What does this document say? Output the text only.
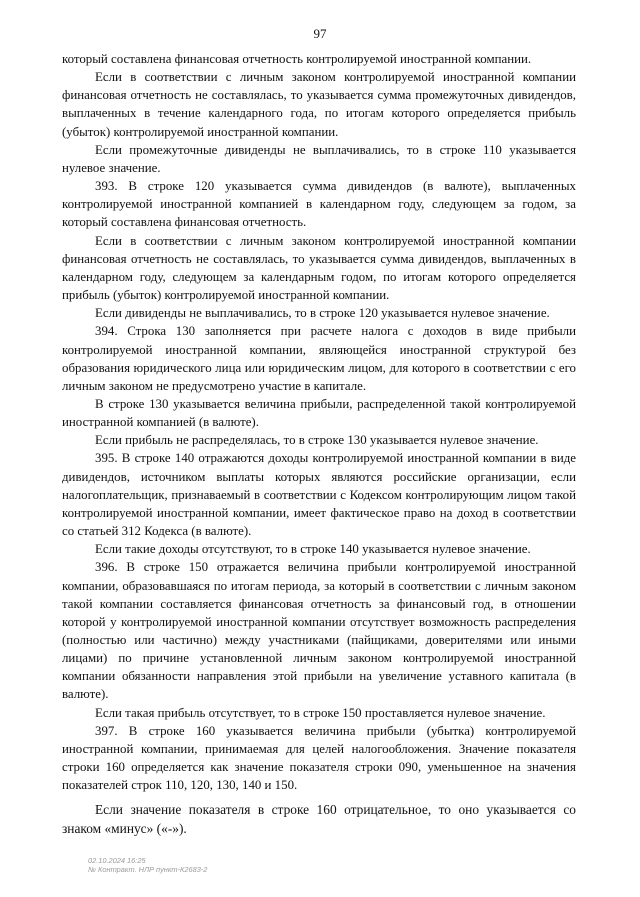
97

который составлена финансовая отчетность контролируемой иностранной компании.

Если в соответствии с личным законом контролируемой иностранной компании финансовая отчетность не составлялась, то указывается сумма промежуточных дивидендов, выплаченных в течение календарного года, по итогам которого определяется прибыль (убыток) контролируемой иностранной компании.

Если промежуточные дивиденды не выплачивались, то в строке 110 указывается нулевое значение.

393. В строке 120 указывается сумма дивидендов (в валюте), выплаченных контролируемой иностранной компанией в календарном году, следующем за годом, за который составлена финансовая отчетность.

Если в соответствии с личным законом контролируемой иностранной компании финансовая отчетность не составлялась, то указывается сумма дивидендов, выплаченных в календарном году, следующем за календарным годом, по итогам которого определяется прибыль (убыток) контролируемой иностранной компании.

Если дивиденды не выплачивались, то в строке 120 указывается нулевое значение.

394. Строка 130 заполняется при расчете налога с доходов в виде прибыли контролируемой иностранной компании, являющейся иностранной структурой без образования юридического лица или юридическим лицом, для которого в соответствии с его личным законом не предусмотрено участие в капитале.

В строке 130 указывается величина прибыли, распределенной такой контролируемой иностранной компанией (в валюте).

Если прибыль не распределялась, то в строке 130 указывается нулевое значение.

395. В строке 140 отражаются доходы контролируемой иностранной компании в виде дивидендов, источником выплаты которых являются российские организации, если налогоплательщик, признаваемый в соответствии с Кодексом контролирующим лицом такой контролируемой иностранной компании, имеет фактическое право на доход в соответствии со статьей 312 Кодекса (в валюте).

Если такие доходы отсутствуют, то в строке 140 указывается нулевое значение.

396. В строке 150 отражается величина прибыли контролируемой иностранной компании, образовавшаяся по итогам периода, за который в соответствии с личным законом такой компании составляется финансовая отчетность за финансовый год, в отношении которой у контролируемой иностранной компании отсутствует возможность распределения (полностью или частично) между участниками (пайщиками, доверителями или иными лицами) по причине установленной личным законом контролируемой иностранной компании обязанности направления этой прибыли на увеличение уставного капитала (в валюте).

Если такая прибыль отсутствует, то в строке 150 проставляется нулевое значение.

397. В строке 160 указывается величина прибыли (убытка) контролируемой иностранной компании, принимаемая для целей налогообложения. Значение показателя строки 160 определяется как значение показателя строки 090, уменьшенное на значения показателей строк 110, 120, 130, 140 и 150.

Если значение показателя в строке 160 отрицательное, то оно указывается со знаком «минус» («-»).

02.10.2024 16:25
№ Контракт. НЛР пункт-К2683-2
